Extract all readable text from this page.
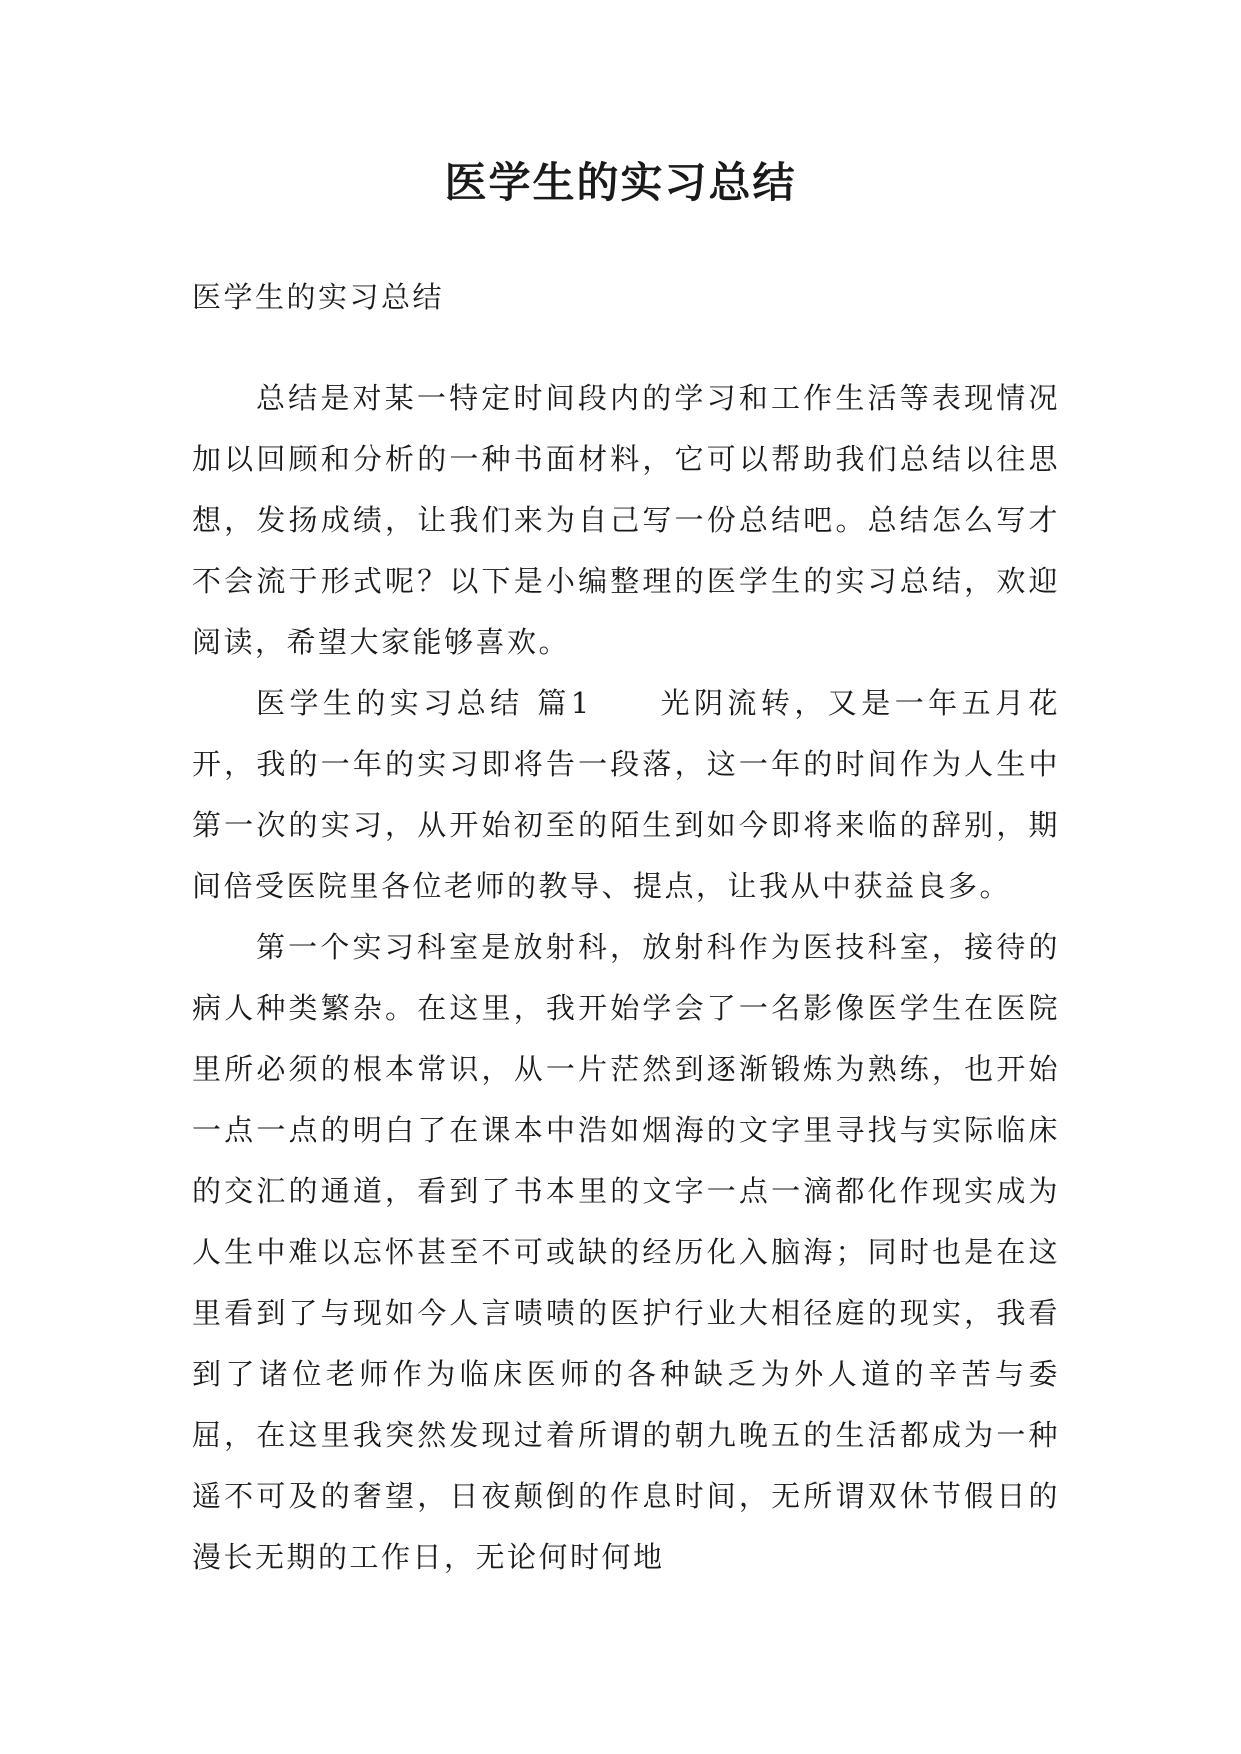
医学生的实习总结

医学生的实习总结

总结是对某一特定时间段内的学习和工作生活等表现情况加以回顾和分析的一种书面材料，它可以帮助我们总结以往思想，发扬成绩，让我们来为自己写一份总结吧。总结怎么写才不会流于形式呢？以下是小编整理的医学生的实习总结，欢迎阅读，希望大家能够喜欢。

医学生的实习总结 篇1　　光阴流转，又是一年五月花开，我的一年的实习即将告一段落，这一年的时间作为人生中第一次的实习，从开始初至的陌生到如今即将来临的辞别，期间倍受医院里各位老师的教导、提点，让我从中获益良多。

第一个实习科室是放射科，放射科作为医技科室，接待的病人种类繁杂。在这里，我开始学会了一名影像医学生在医院里所必须的根本常识，从一片茫然到逐渐锻炼为熟练，也开始一点一点的明白了在课本中浩如烟海的文字里寻找与实际临床的交汇的通道，看到了书本里的文字一点一滴都化作现实成为人生中难以忘怀甚至不可或缺的经历化入脑海；同时也是在这里看到了与现如今人言啧啧的医护行业大相径庭的现实，我看到了诸位老师作为临床医师的各种缺乏为外人道的辛苦与委屈，在这里我突然发现过着所谓的朝九晚五的生活都成为一种遥不可及的奢望，日夜颠倒的作息时间，无所谓双休节假日的漫长无期的工作日，无论何时何地
